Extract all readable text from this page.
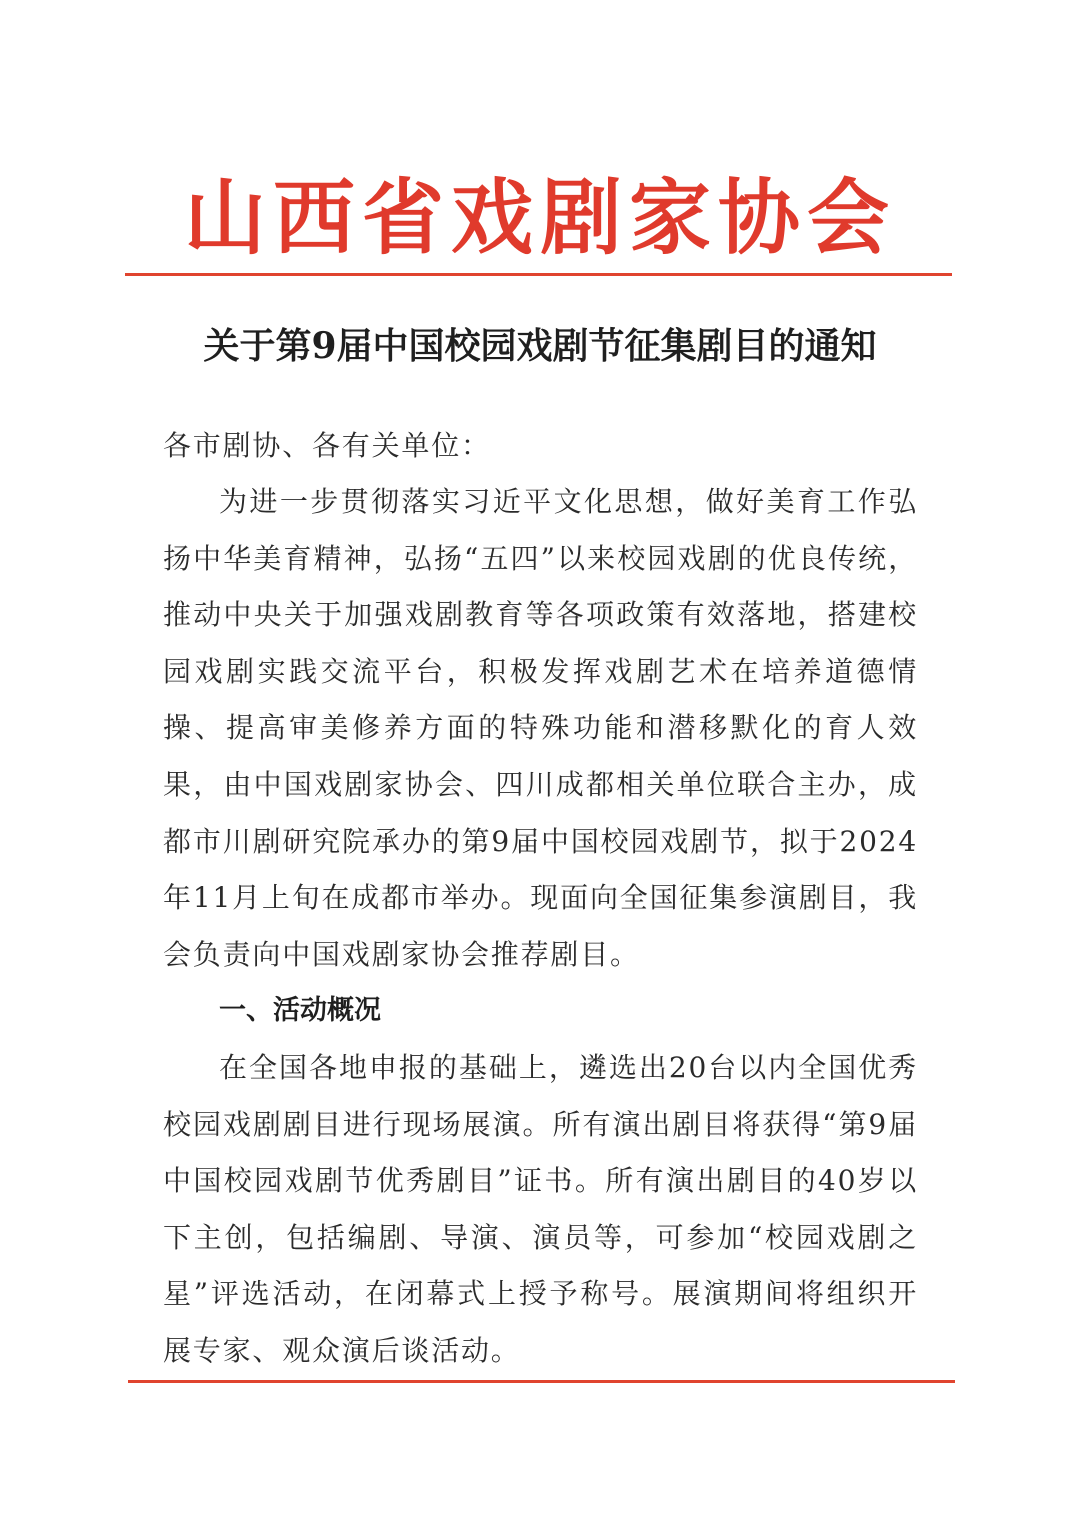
山西省戏剧家协会
关于第9届中国校园戏剧节征集剧目的通知

各市剧协、各有关单位：

为进一步贯彻落实习近平文化思想，做好美育工作弘扬中华美育精神，弘扬“五四”以来校园戏剧的优良传统，推动中央关于加强戏剧教育等各项政策有效落地，搭建校园戏剧实践交流平台，积极发挥戏剧艺术在培养道德情操、提高审美修养方面的特殊功能和潜移默化的育人效果，由中国戏剧家协会、四川成都相关单位联合主办，成都市川剧研究院承办的第9届中国校园戏剧节，拟于2024年11月上旬在成都市举办。现面向全国征集参演剧目，我会负责向中国戏剧家协会推荐剧目。

一、活动概况

在全国各地申报的基础上，遴选出20台以内全国优秀校园戏剧剧目进行现场展演。所有演出剧目将获得“第9届中国校园戏剧节优秀剧目”证书。所有演出剧目的40岁以下主创，包括编剧、导演、演员等，可参加“校园戏剧之星”评选活动，在闭幕式上授予称号。展演期间将组织开展专家、观众演后谈活动。
